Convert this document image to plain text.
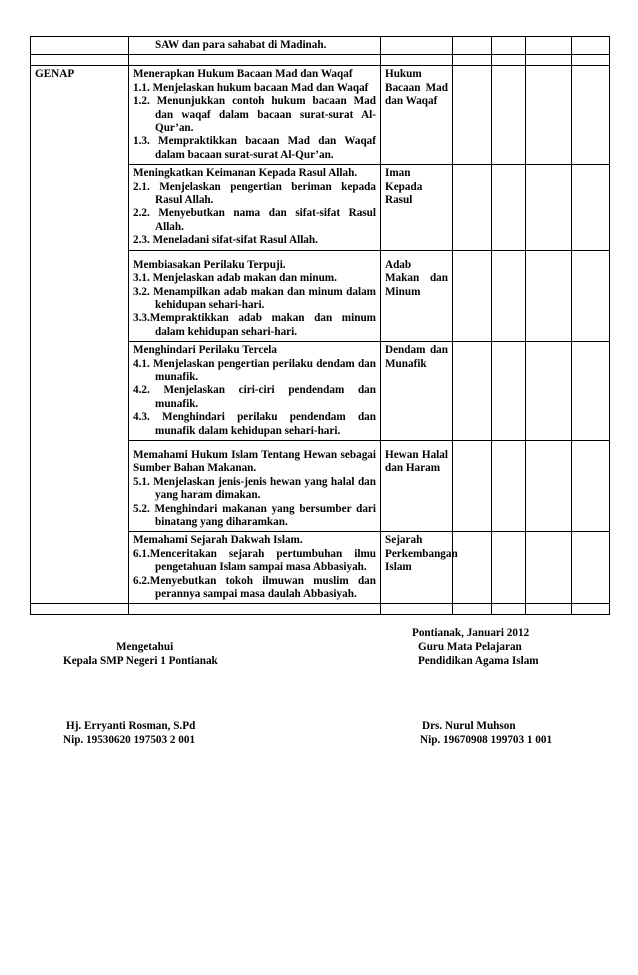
	SAW dan para sahabat di Madinah.					

GENAP	Menerapkan Hukum Bacaan Mad dan Waqaf
1.1. Menjelaskan hukum bacaan Mad dan Waqaf
1.2. Menunjukkan contoh hukum bacaan Mad dan waqaf dalam bacaan surat-surat Al-Qur’an.
1.3. Mempraktikkan bacaan Mad dan Waqaf dalam bacaan surat-surat Al-Qur’an.	Hukum Bacaan Mad dan Waqaf				

	Meningkatkan Keimanan Kepada Rasul Allah.
2.1. Menjelaskan pengertian beriman kepada Rasul Allah.
2.2. Menyebutkan nama dan sifat-sifat Rasul Allah.
2.3. Meneladani sifat-sifat Rasul Allah.	Iman Kepada Rasul				

	Membiasakan Perilaku Terpuji.
3.1. Menjelaskan adab makan dan minum.
3.2. Menampilkan adab makan dan minum dalam kehidupan sehari-hari.
3.3.Mempraktikkan adab makan dan minum dalam kehidupan sehari-hari.	Adab Makan dan Minum				

	Menghindari Perilaku Tercela
4.1. Menjelaskan pengertian perilaku dendam dan munafik.
4.2. Menjelaskan ciri-ciri pendendam dan munafik.
4.3. Menghindari perilaku pendendam dan munafik dalam kehidupan sehari-hari.	Dendam dan Munafik				

	Memahami Hukum Islam Tentang Hewan sebagai Sumber Bahan Makanan.
5.1. Menjelaskan jenis-jenis hewan yang halal dan yang haram dimakan.
5.2. Menghindari makanan yang bersumber dari binatang yang diharamkan.	Hewan Halal dan Haram				

	Memahami Sejarah Dakwah Islam.
6.1.Menceritakan sejarah pertumbuhan ilmu pengetahuan Islam sampai masa Abbasiyah.
6.2.Menyebutkan tokoh ilmuwan muslim dan perannya sampai masa daulah Abbasiyah.	Sejarah Perkembangan Islam				

Pontianak, Januari 2012
Mengetahui	Guru Mata Pelajaran
Kepala SMP Negeri 1 Pontianak	Pendidikan Agama Islam
Hj. Erryanti Rosman, S.Pd	Drs. Nurul Muhson
Nip. 19530620 197503 2 001	Nip. 19670908 199703 1 001
